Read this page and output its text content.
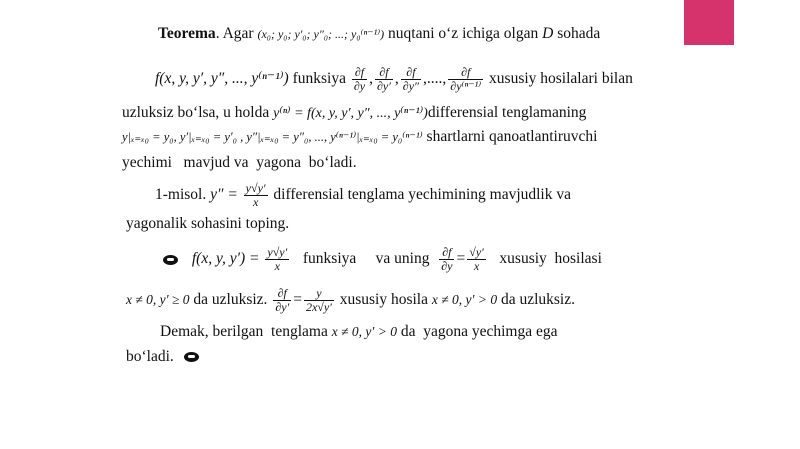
Teorema. Agar (x₀; y₀; y′₀; y″₀; ...; y₀⁽ⁿ⁻¹⁾) nuqtani o‘z ichiga olgan D sohada
f(x, y, y′, y″, ..., y⁽ⁿ⁻¹⁾) funksiya $\frac{\partial f}{\partial y}$ , $\frac{\partial f}{\partial y'}$ , $\frac{\partial f}{\partial y''}$ ,...., $\frac{\partial f}{\text{∂y⁽ⁿ⁻¹⁾}}$ xususiy hosilalari bilan
uzluksiz bo‘lsa, u holda y⁽ⁿ⁾ = f(x, y, y′, y″, ..., y⁽ⁿ⁻¹⁾)differensial tenglamaning
y|ₓ₌ₓ₀ = y₀, y′|ₓ₌ₓ₀ = y′₀ , y″|ₓ₌ₓ₀ = y″₀, ..., y⁽ⁿ⁻¹⁾|ₓ₌ₓ₀ = y₀⁽ⁿ⁻¹⁾ shartlarni qanoatlantiruvchi
yechimi   mavjud va  yagona  bo‘ladi.
1-misol. $y'' = \frac{y√y'}{x}$ differensial tenglama yechimining mavjudlik va
yagonalik sohasini toping.
f(x, y, $y') = \frac{y√y'}{x}$ funksiya va uning $\frac{\partial f}{\partial y} = \frac{√y'}{x}$ xususiy  hosilasi
x ≠ 0, y′ ≥ 0 da uzluksiz. $\frac{\partial f}{\partial y'} = \frac{y}{2x√y'}$ xususiy hosila x ≠ 0, y′ > 0 da uzluksiz.
Demak, berilgan  tenglama x ≠ 0, y′ > 0 da  yagona yechimga ega
bo‘ladi.
